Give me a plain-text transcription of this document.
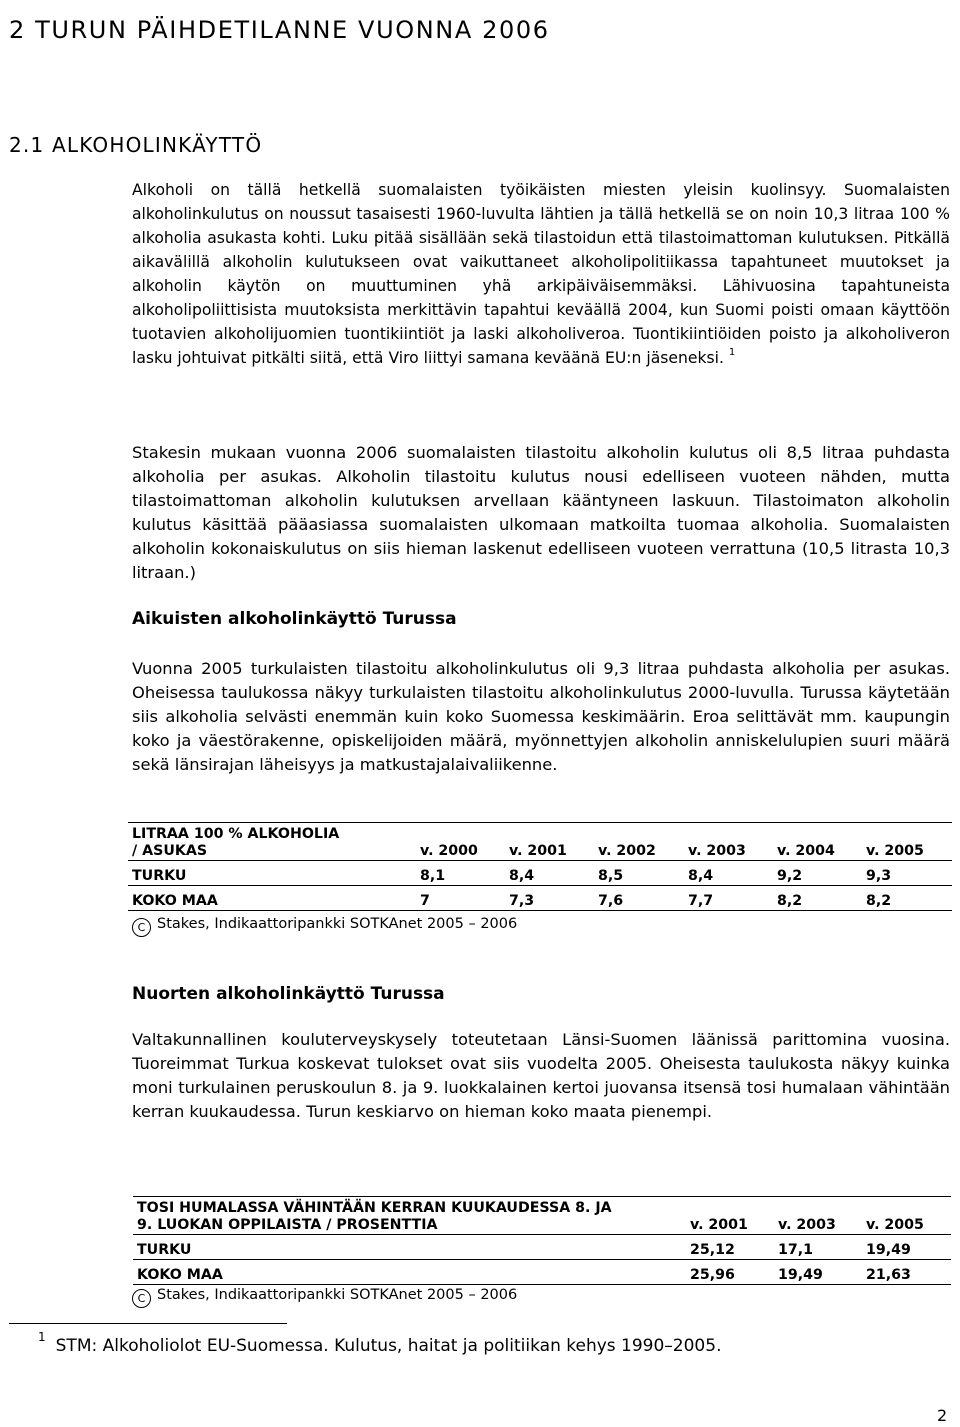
2 TURUN PÄIHDETILANNE VUONNA 2006
2.1 ALKOHOLINKÄYTTÖ

Alkoholi on tällä hetkellä suomalaisten työikäisten miesten yleisin kuolinsyy. Suomalaisten alkoholinkulutus on noussut tasaisesti 1960-luvulta lähtien ja tällä hetkellä se on noin 10,3 litraa 100 % alkoholia asukasta kohti. Luku pitää sisällään sekä tilastoidun että tilastoimattoman kulutuksen. Pitkällä aikavälillä alkoholin kulutukseen ovat vaikuttaneet alkoholipolitiikassa tapahtuneet muutokset ja alkoholin käytön on muuttuminen yhä arkipäiväisemmäksi. Lähivuosina tapahtuneista alkoholipoliittisista muutoksista merkittävin tapahtui keväällä 2004, kun Suomi poisti omaan käyttöön tuotavien alkoholijuomien tuontikiintiöt ja laski alkoholiveroa. Tuontikiintiöiden poisto ja alkoholiveron lasku johtuivat pitkälti siitä, että Viro liittyi samana keväänä EU:n jäseneksi. $^1$

Stakesin mukaan vuonna 2006 suomalaisten tilastoitu alkoholin kulutus oli 8,5 litraa puhdasta alkoholia per asukas. Alkoholin tilastoitu kulutus nousi edelliseen vuoteen nähden, mutta tilastoimattoman alkoholin kulutuksen arvellaan kääntyneen laskuun. Tilastoimaton alkoholin kulutus käsittää pääasiassa suomalaisten ulkomaan matkoilta tuomaa alkoholia. Suomalaisten alkoholin kokonaiskulutus on siis hieman laskenut edelliseen vuoteen verrattuna (10,5 litrasta 10,3 litraan.)

Aikuisten alkoholinkäyttö Turussa

Vuonna 2005 turkulaisten tilastoitu alkoholinkulutus oli 9,3 litraa puhdasta alkoholia per asukas. Oheisessa taulukossa näkyy turkulaisten tilastoitu alkoholinkulutus 2000-luvulla. Turussa käytetään siis alkoholia selvästi enemmän kuin koko Suomessa keskimäärin. Eroa selittävät mm. kaupungin koko ja väestörakenne, opiskelijoiden määrä, myönnettyjen alkoholin anniskelulupien suuri määrä sekä länsirajan läheisyys ja matkustajalaivaliikenne.

LITRAA 100 % ALKOHOLIA
/ ASUKAS	v. 2000	v. 2001	v. 2002	v. 2003	v. 2004	v. 2005
TURKU	8,1	8,4	8,5	8,4	9,2	9,3
KOKO MAA	7	7,3	7,6	7,7	8,2	8,2
C Stakes, Indikaattoripankki SOTKAnet 2005 – 2006
Nuorten alkoholinkäyttö Turussa

Valtakunnallinen kouluterveyskysely toteutetaan Länsi-Suomen läänissä parittomina vuosina. Tuoreimmat Turkua koskevat tulokset ovat siis vuodelta 2005. Oheisesta taulukosta näkyy kuinka moni turkulainen peruskoulun 8. ja 9. luokkalainen kertoi juovansa itsensä tosi humalaan vähintään kerran kuukaudessa. Turun keskiarvo on hieman koko maata pienempi.

TOSI HUMALASSA VÄHINTÄÄN KERRAN KUUKAUDESSA 8. JA
9. LUOKAN OPPILAISTA / PROSENTTIA	v. 2001	v. 2003	v. 2005
TURKU	25,12	17,1	19,49
KOKO MAA	25,96	19,49	21,63
C Stakes, Indikaattoripankki SOTKAnet 2005 – 2006
$^1$ STM: Alkoholiolot EU-Suomessa. Kulutus, haitat ja politiikan kehys 1990–2005.
2
